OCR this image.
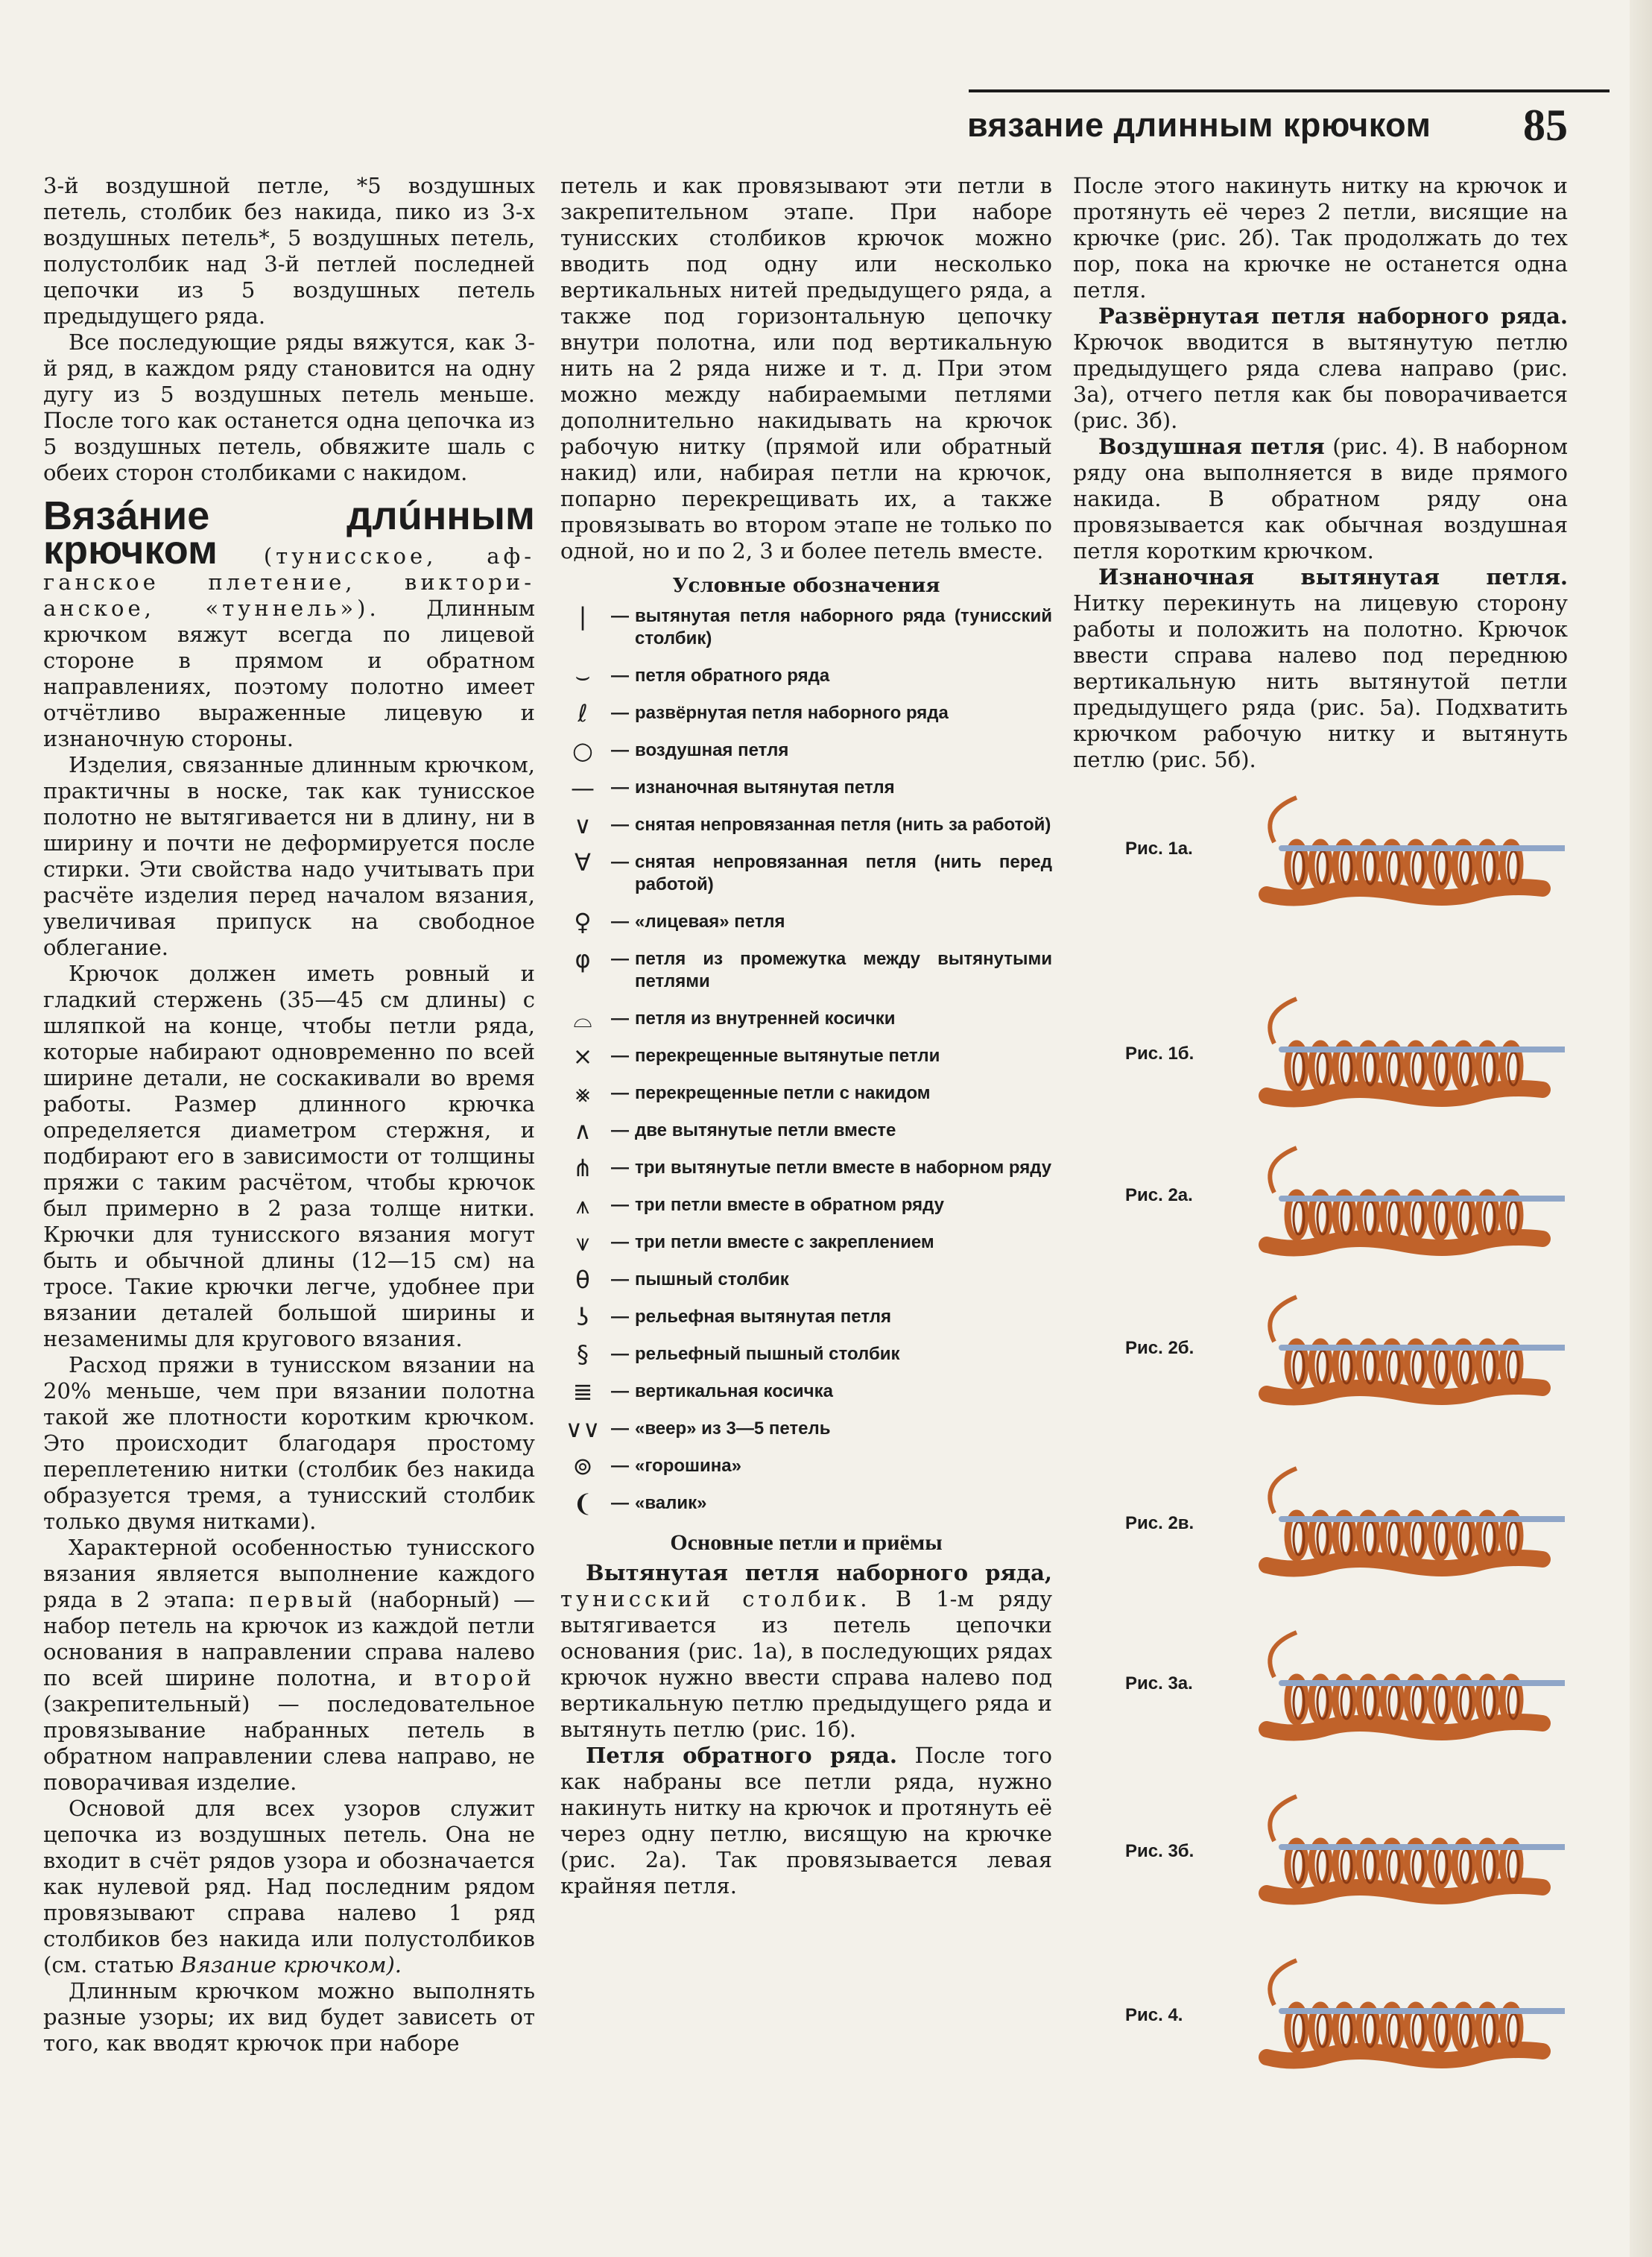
вязание длинным крючком 85

3-й воздушной петле, *5 воздушных петель, столбик без накида, пико из 3-х воздушных петель*, 5 воздушных петель, полустолбик над 3-й петлей последней цепочки из 5 воздушных петель предыдущего ряда.

Все последующие ряды вяжутся, как 3-й ряд, в каждом ряду становится на одну дугу из 5 воздушных петель меньше. После того как останется одна цепочка из 5 воздушных петель, обвяжите шаль с обеих сторон столбиками с накидом.

Вязáние	длúнным

крючком (тунисское, аф- ганское плетение, виктори- анское, «туннель»). Длинным крючком вяжут всегда по лицевой стороне в прямом и обратном направлениях, поэтому полотно имеет отчётливо выраженные лицевую и изнаночную стороны.

Изделия, связанные длинным крючком, практичны в носке, так как тунисское полотно не вытягивается ни в длину, ни в ширину и почти не деформируется после стирки. Эти свойства надо учитывать при расчёте изделия перед началом вязания, увеличивая припуск на свободное облегание.

Крючок должен иметь ровный и гладкий стержень (35—45 см длины) с шляпкой на конце, чтобы петли ряда, которые набирают одновременно по всей ширине детали, не соскакивали во время работы. Размер длинного крючка определяется диаметром стержня, и подбирают его в зависимости от толщины пряжи с таким расчётом, чтобы крючок был примерно в 2 раза толще нитки. Крючки для тунисского вязания могут быть и обычной длины (12—15 см) на тросе. Такие крючки легче, удобнее при вязании деталей большой ширины и незаменимы для кругового вязания.

Расход пряжи в тунисском вязании на 20% меньше, чем при вязании полотна такой же плотности коротким крючком. Это происходит благодаря простому переплетению нитки (столбик без накида образуется тремя, а тунисский столбик только двумя нитками).

Характерной особенностью тунисского вязания является выполнение каждого ряда в 2 этапа: первый (наборный) — набор петель на крючок из каждой петли основания в направлении справа налево по всей ширине полотна, и второй (закрепительный) — последовательное провязывание набранных петель в обратном направлении слева направо, не поворачивая изделие.

Основой для всех узоров служит цепочка из воздушных петель. Она не входит в счёт рядов узора и обозначается как нулевой ряд. Над последним рядом провязывают справа налево 1 ряд столбиков без накида или полустолбиков (см. статью Вязание крючком).

Длинным крючком можно выполнять разные узоры; их вид будет зависеть от того, как вводят крючок при наборе

петель и как провязывают эти петли в закрепительном этапе. При наборе тунисских столбиков крючок можно вводить под одну или несколько вертикальных нитей предыдущего ряда, а также под горизонтальную цепочку внутри полотна, или под вертикальную нить на 2 ряда ниже и т. д. При этом можно между набираемыми петлями дополнительно накидывать на крючок рабочую нитку (прямой или обратный накид) или, набирая петли на крючок, попарно перекрещивать их, а также провязывать во втором этапе не только по одной, но и по 2, 3 и более петель вместе.

Условные обозначения
|	— вытянутая петля наборного ряда (тунисский столбик)
⌣	— петля обратного ряда
ℓ	— развёрнутая петля наборного ряда
○	— воздушная петля
— — изнаночная вытянутая петля
∨	— снятая непровязанная петля (нить за работой)
∀	— снятая непровязанная петля (нить перед работой)
♀	— «лицевая» петля
φ	— петля из промежутка между вытянутыми петлями
⌓	— петля из внутренней косички
×	— перекрещенные вытянутые петли
⨳	— перекрещенные петли с накидом
∧	— две вытянутые петли вместе
⋔	— три вытянутые петли вместе в наборном ряду
⩚	— три петли вместе в обратном ряду
⩛	— три петли вместе с закреплением
θ	— пышный столбик
ʖ	— рельефная вытянутая петля
§	— рельефный пышный столбик
≣	— вертикальная косичка
∨∨ — «веер» из 3—5 петель
⊚	— «горошина»
❨	— «валик»
Основные петли и приёмы

Вытянутая петля наборного ряда, тунисский столбик. В 1-м ряду вытягивается из петель цепочки основания (рис. 1а), в последующих рядах крючок нужно ввести справа налево под вертикальную петлю предыдущего ряда и вытянуть петлю (рис. 1б).

Петля обратного ряда. После того как набраны все петли ряда, нужно накинуть нитку на крючок и протянуть её через одну петлю, висящую на крючке (рис. 2а). Так провязывается левая крайняя петля.

После этого накинуть нитку на крючок и протянуть её через 2 петли, висящие на крючке (рис. 2б). Так продолжать до тех пор, пока на крючке не останется одна петля.

Развёрнутая петля наборного ряда. Крючок вводится в вытянутую петлю предыдущего ряда слева направо (рис. 3а), отчего петля как бы поворачивается (рис. 3б).

Воздушная петля (рис. 4). В наборном ряду она выполняется в виде прямого накида. В обратном ряду она провязывается как обычная воздушная петля коротким крючком.

Изнаночная вытянутая петля. Нитку перекинуть на лицевую сторону работы и положить на полотно. Крючок ввести справа налево под переднюю вертикальную нить вытянутой петли предыдущего ряда (рис. 5а). Подхватить крючком рабочую нитку и вытянуть петлю (рис. 5б).

Рис. 1а.
Рис. 1б.
Рис. 2а.
Рис. 2б.
Рис. 2в.
Рис. 3а.
Рис. 3б.
Рис. 4.
